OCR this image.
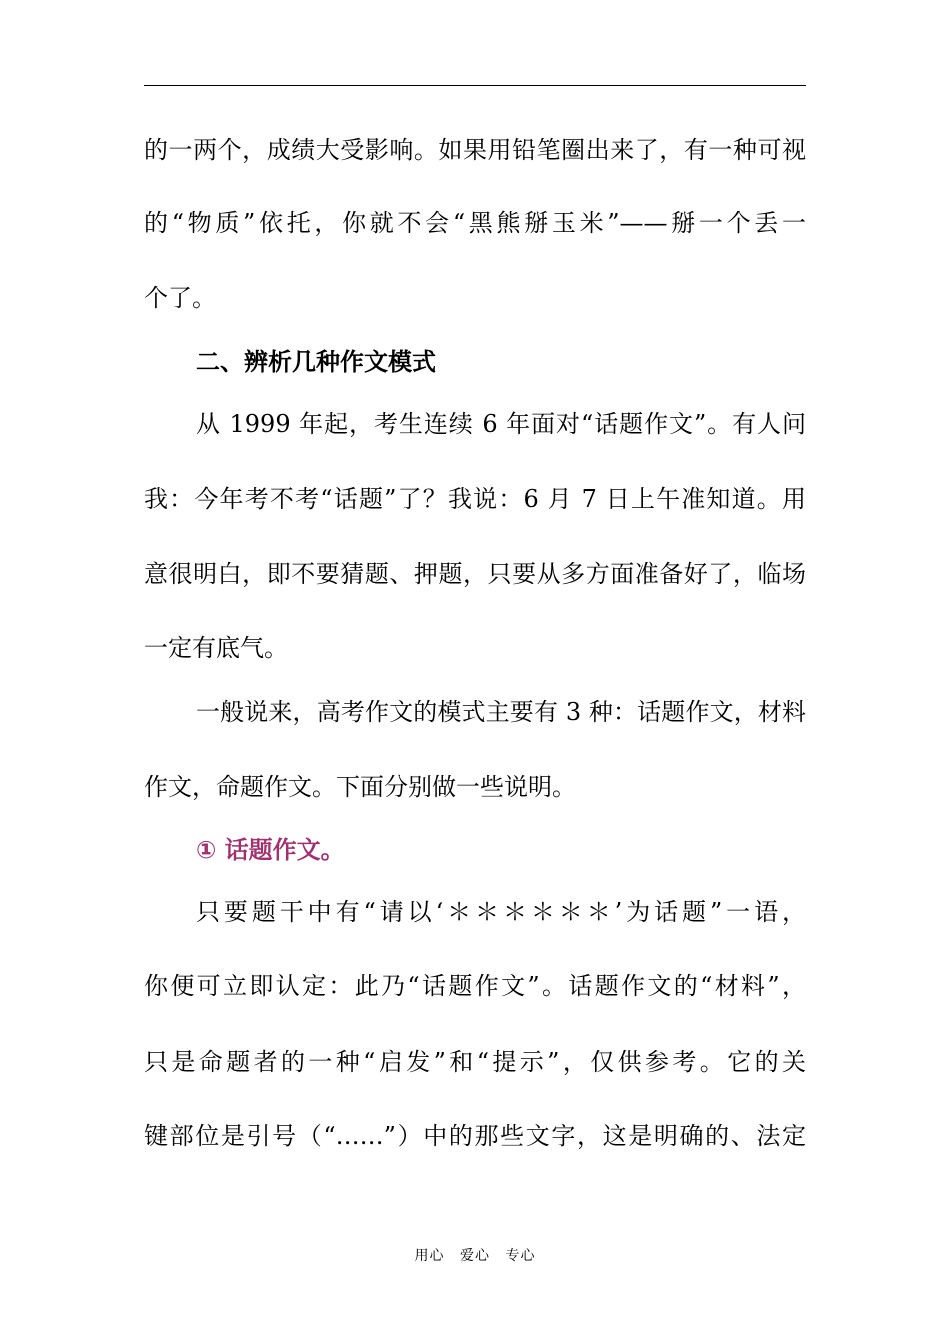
的一两个，成绩大受影响。如果用铅笔圈出来了，有一种可视
的“物质”依托，你就不会“黑熊掰玉米”——掰一个丢一
个了。
二、辨析几种作文模式
从 1999 年起，考生连续 6 年面对“话题作文”。有人问
我：今年考不考“话题”了？我说：6 月 7 日上午准知道。用
意很明白，即不要猜题、押题，只要从多方面准备好了，临场
一定有底气。
一般说来，高考作文的模式主要有 3 种：话题作文，材料
作文，命题作文。下面分别做一些说明。
① 话题作文。
只要题干中有“请以‘＊＊＊＊＊＊’为话题”一语，
你便可立即认定：此乃“话题作文”。话题作文的“材料”，
只是命题者的一种“启发”和“提示”，仅供参考。它的关
键部位是引号（“……”）中的那些文字，这是明确的、法定
用心 爱心 专心
